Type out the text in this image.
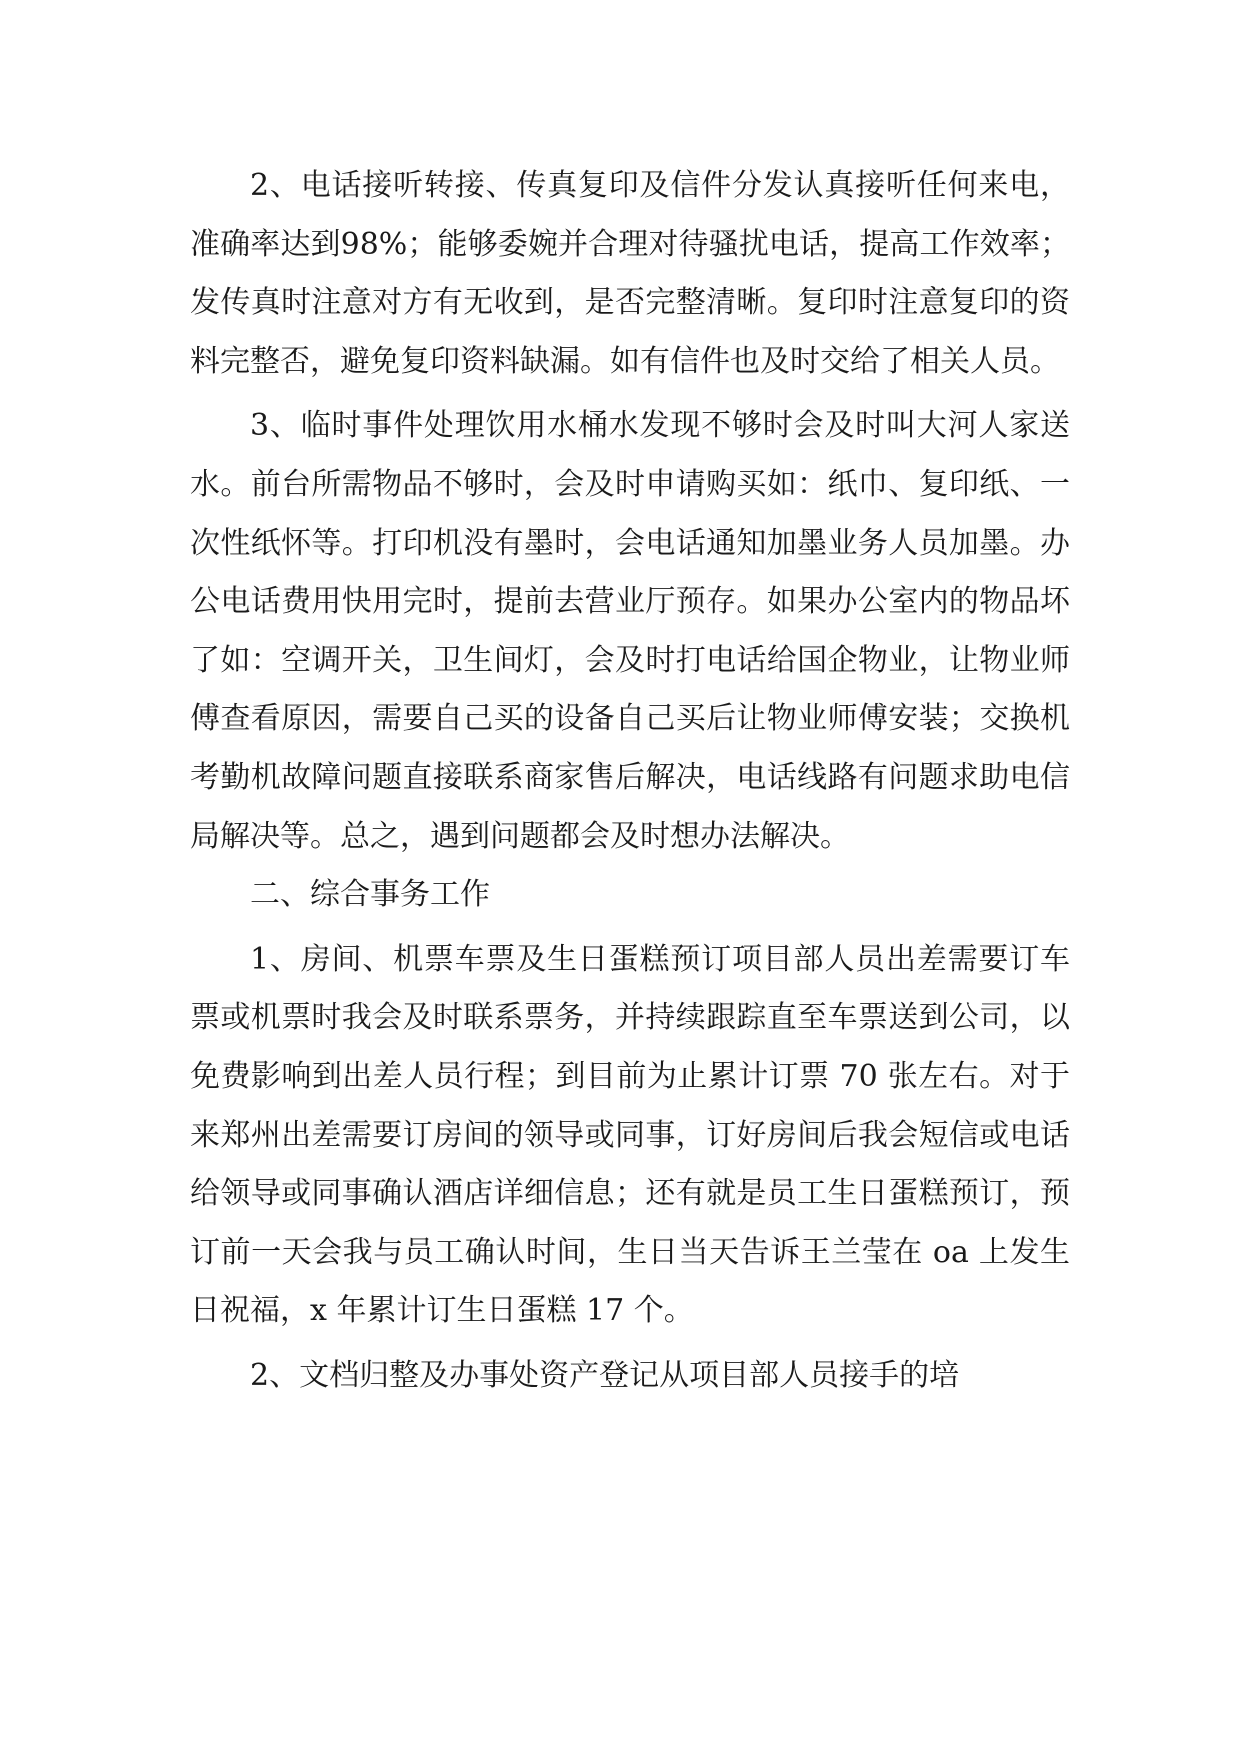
2、电话接听转接、传真复印及信件分发认真接听任何来电，准确率达到98%；能够委婉并合理对待骚扰电话，提高工作效率；发传真时注意对方有无收到，是否完整清晰。复印时注意复印的资料完整否，避免复印资料缺漏。如有信件也及时交给了相关人员。

3、临时事件处理饮用水桶水发现不够时会及时叫大河人家送水。前台所需物品不够时，会及时申请购买如：纸巾、复印纸、一次性纸怀等。打印机没有墨时，会电话通知加墨业务人员加墨。办公电话费用快用完时，提前去营业厅预存。如果办公室内的物品坏了如：空调开关，卫生间灯，会及时打电话给国企物业，让物业师傅查看原因，需要自己买的设备自己买后让物业师傅安装；交换机考勤机故障问题直接联系商家售后解决，电话线路有问题求助电信局解决等。总之，遇到问题都会及时想办法解决。

二、综合事务工作

1、房间、机票车票及生日蛋糕预订项目部人员出差需要订车票或机票时我会及时联系票务，并持续跟踪直至车票送到公司，以免费影响到出差人员行程；到目前为止累计订票 70 张左右。对于来郑州出差需要订房间的领导或同事，订好房间后我会短信或电话给领导或同事确认酒店详细信息；还有就是员工生日蛋糕预订，预订前一天会我与员工确认时间，生日当天告诉王兰莹在 oa 上发生日祝福，x 年累计订生日蛋糕 17 个。

2、文档归整及办事处资产登记从项目部人员接手的培
